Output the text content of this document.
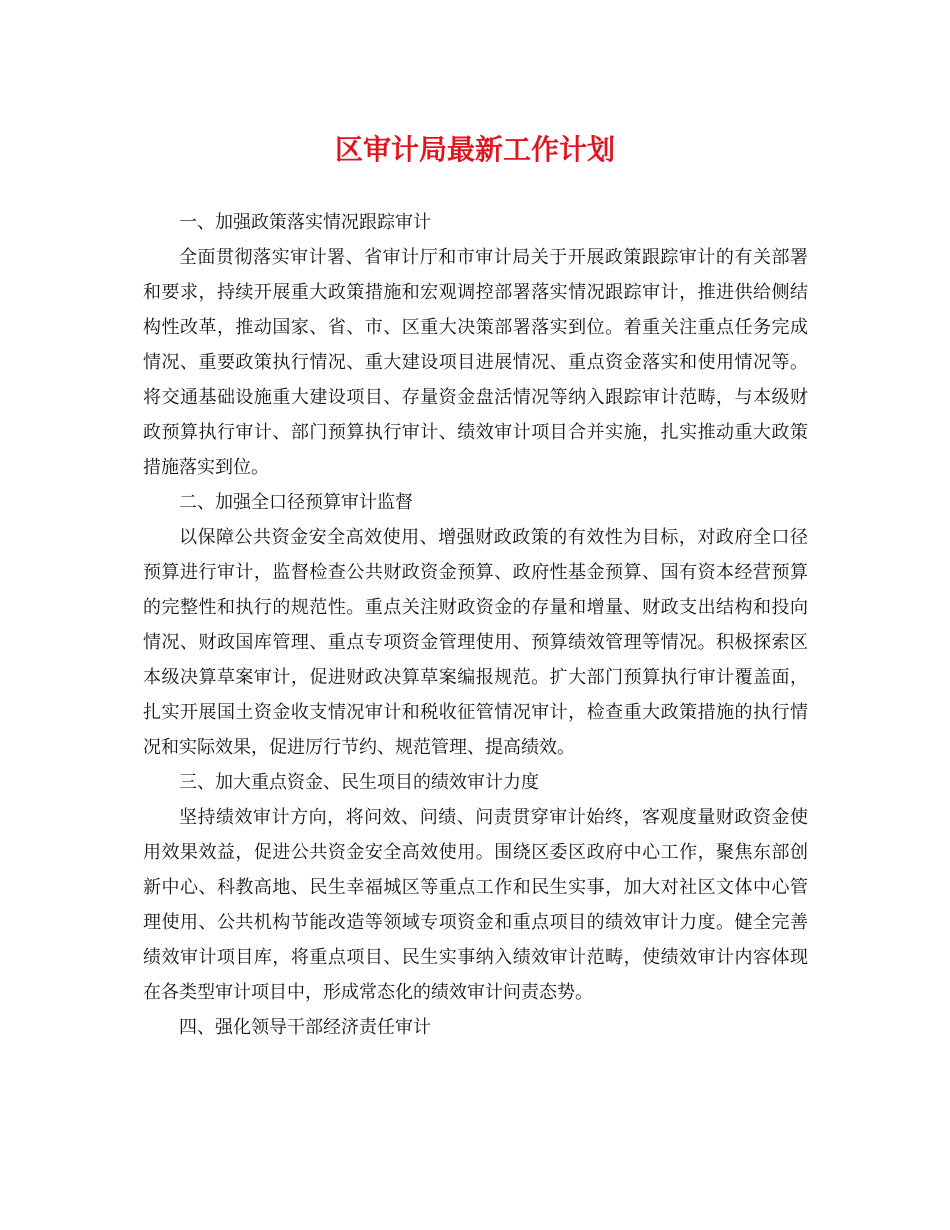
区审计局最新工作计划

一、加强政策落实情况跟踪审计

全面贯彻落实审计署、省审计厅和市审计局关于开展政策跟踪审计的有关部署和要求，持续开展重大政策措施和宏观调控部署落实情况跟踪审计，推进供给侧结构性改革，推动国家、省、市、区重大决策部署落实到位。着重关注重点任务完成情况、重要政策执行情况、重大建设项目进展情况、重点资金落实和使用情况等。将交通基础设施重大建设项目、存量资金盘活情况等纳入跟踪审计范畴，与本级财政预算执行审计、部门预算执行审计、绩效审计项目合并实施，扎实推动重大政策措施落实到位。

二、加强全口径预算审计监督

以保障公共资金安全高效使用、增强财政政策的有效性为目标，对政府全口径预算进行审计，监督检查公共财政资金预算、政府性基金预算、国有资本经营预算的完整性和执行的规范性。重点关注财政资金的存量和增量、财政支出结构和投向情况、财政国库管理、重点专项资金管理使用、预算绩效管理等情况。积极探索区本级决算草案审计，促进财政决算草案编报规范。扩大部门预算执行审计覆盖面，扎实开展国土资金收支情况审计和税收征管情况审计，检查重大政策措施的执行情况和实际效果，促进厉行节约、规范管理、提高绩效。

三、加大重点资金、民生项目的绩效审计力度

坚持绩效审计方向，将问效、问绩、问责贯穿审计始终，客观度量财政资金使用效果效益，促进公共资金安全高效使用。围绕区委区政府中心工作，聚焦东部创新中心、科教高地、民生幸福城区等重点工作和民生实事，加大对社区文体中心管理使用、公共机构节能改造等领域专项资金和重点项目的绩效审计力度。健全完善绩效审计项目库，将重点项目、民生实事纳入绩效审计范畴，使绩效审计内容体现在各类型审计项目中，形成常态化的绩效审计问责态势。

四、强化领导干部经济责任审计
